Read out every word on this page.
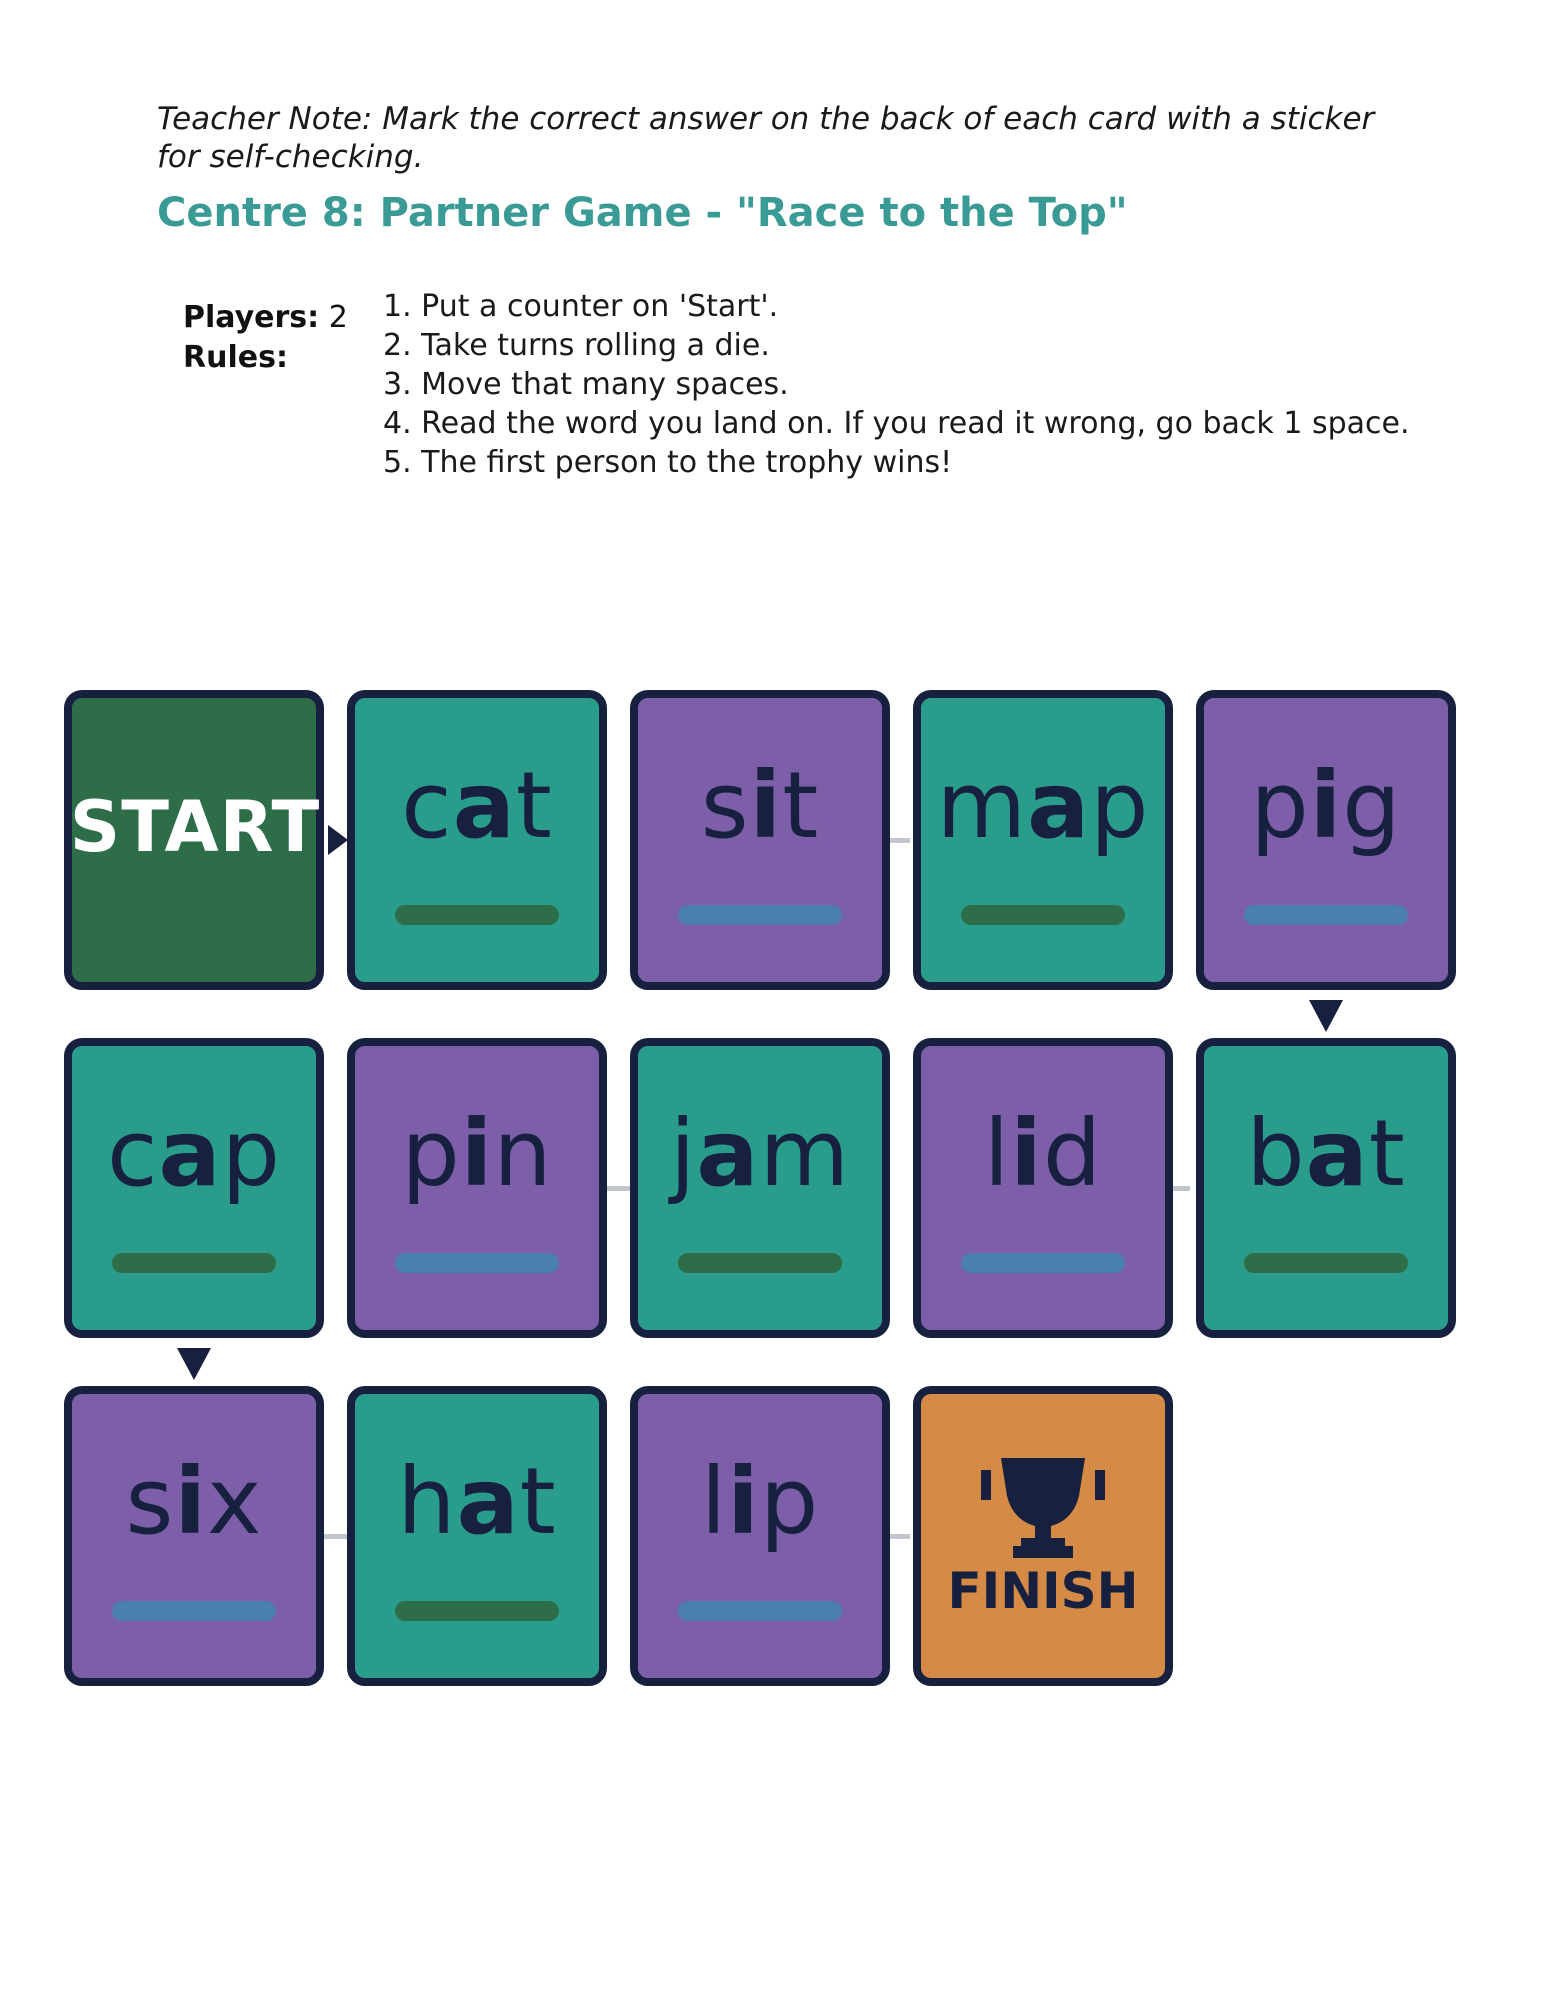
Teacher Note: Mark the correct answer on the back of each card with a sticker for self-checking.
Centre 8: Partner Game - "Race to the Top"
Players: 2
Rules:
1. Put a counter on 'Start'.
2. Take turns rolling a die.
3. Move that many spaces.
4. Read the word you land on. If you read it wrong, go back 1 space.
5. The first person to the trophy wins!
START cat	sit	map	pig
cap	pin	jam	lid	bat
six	hat	lip
FINISH
